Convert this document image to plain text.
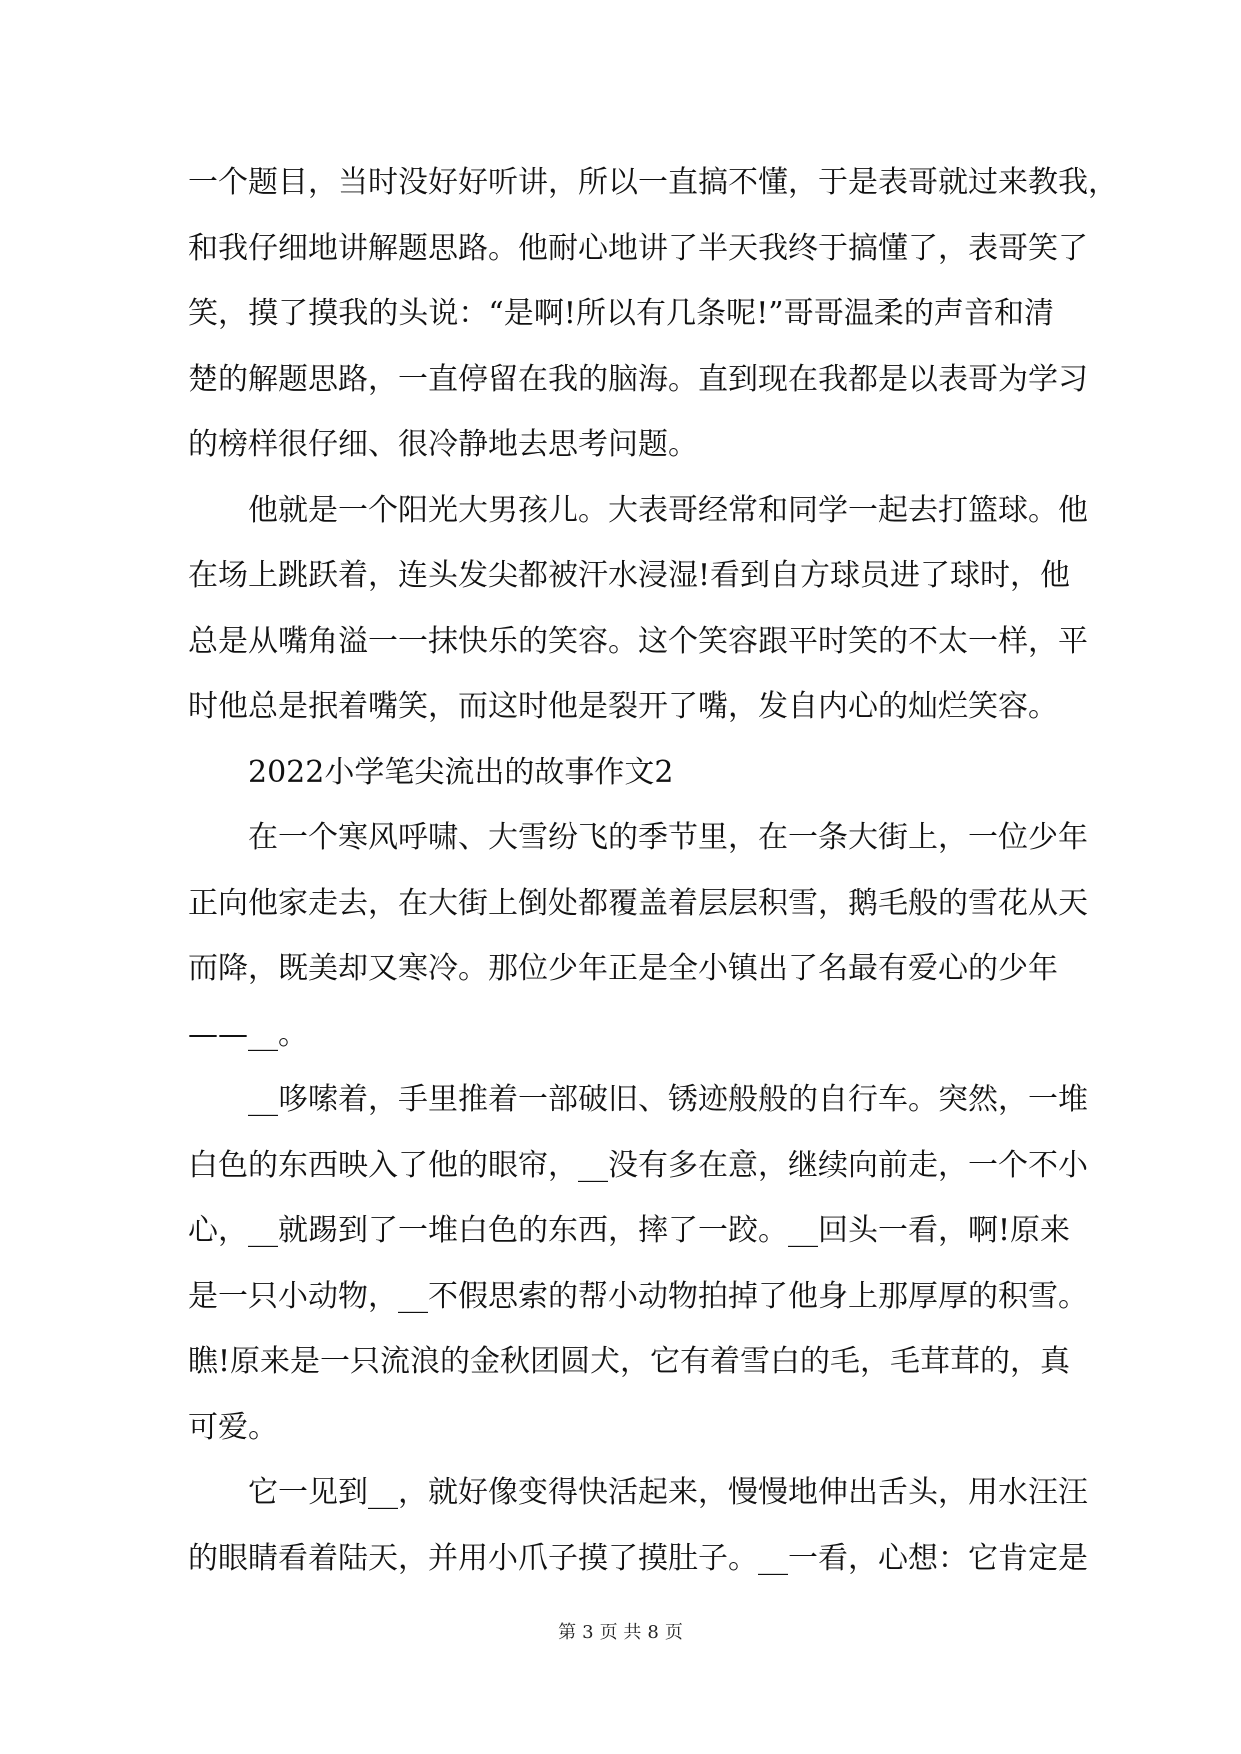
一个题目，当时没好好听讲，所以一直搞不懂，于是表哥就过来教我，
和我仔细地讲解题思路。他耐心地讲了半天我终于搞懂了，表哥笑了
笑，摸了摸我的头说：“是啊!所以有几条呢!”哥哥温柔的声音和清
楚的解题思路，一直停留在我的脑海。直到现在我都是以表哥为学习
的榜样很仔细、很冷静地去思考问题。
他就是一个阳光大男孩儿。大表哥经常和同学一起去打篮球。他
在场上跳跃着，连头发尖都被汗水浸湿!看到自方球员进了球时，他
总是从嘴角溢一一抹快乐的笑容。这个笑容跟平时笑的不太一样，平
时他总是抿着嘴笑，而这时他是裂开了嘴，发自内心的灿烂笑容。
2022小学笔尖流出的故事作文2
在一个寒风呼啸、大雪纷飞的季节里，在一条大街上，一位少年
正向他家走去，在大街上倒处都覆盖着层层积雪，鹅毛般的雪花从天
而降，既美却又寒冷。那位少年正是全小镇出了名最有爱心的少年
——__。
__哆嗦着，手里推着一部破旧、锈迹般般的自行车。突然，一堆
白色的东西映入了他的眼帘，__没有多在意，继续向前走，一个不小
心，__就踢到了一堆白色的东西，摔了一跤。__回头一看，啊!原来
是一只小动物，__不假思索的帮小动物拍掉了他身上那厚厚的积雪。
瞧!原来是一只流浪的金秋团圆犬，它有着雪白的毛，毛茸茸的，真
可爱。
它一见到__，就好像变得快活起来，慢慢地伸出舌头，用水汪汪
的眼睛看着陆天，并用小爪子摸了摸肚子。__一看，心想：它肯定是
第 3 页 共 8 页
